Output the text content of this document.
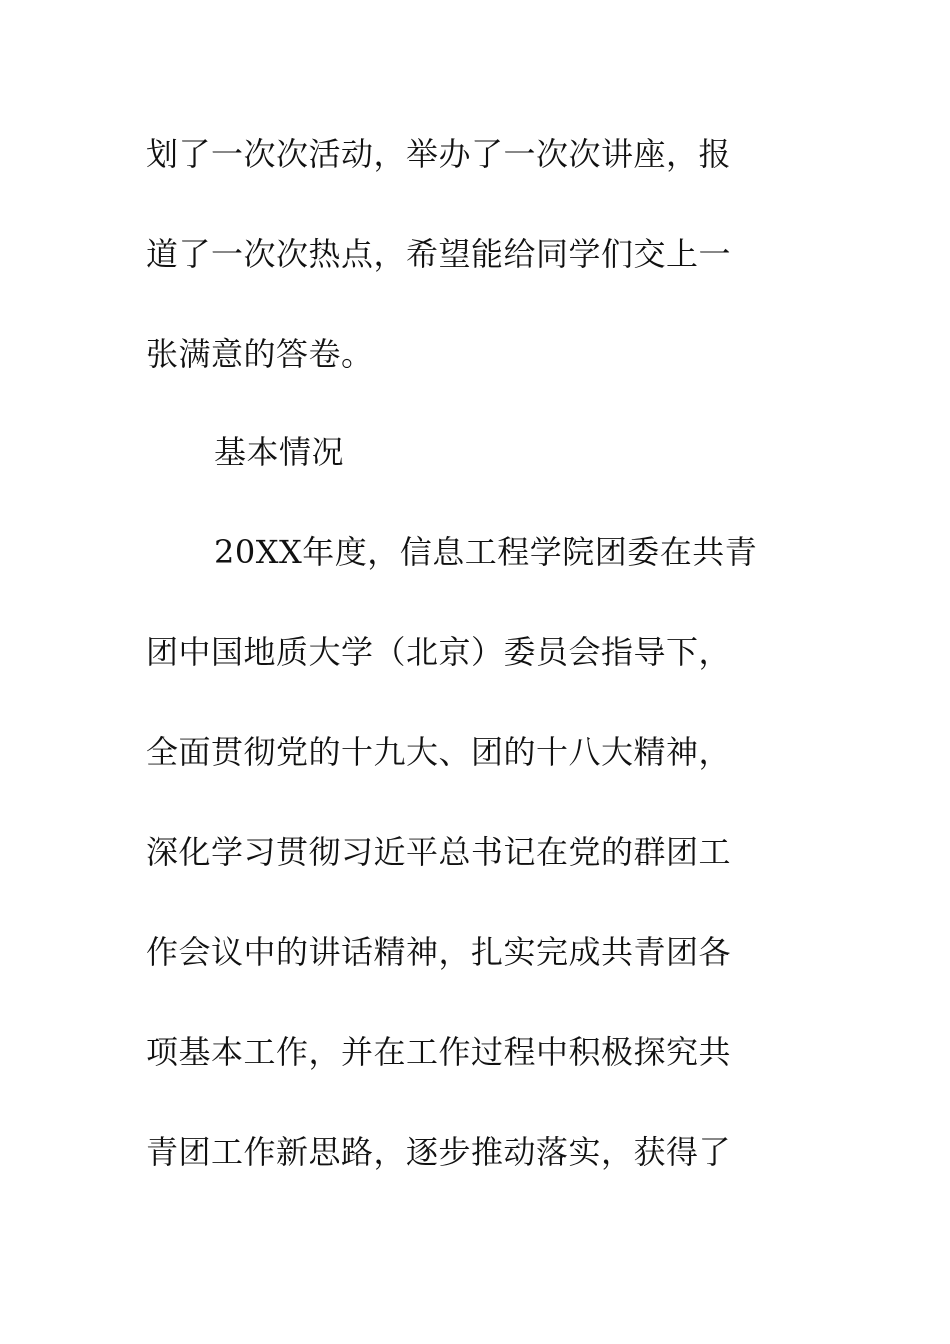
划了一次次活动，举办了一次次讲座，报
道了一次次热点，希望能给同学们交上一
张满意的答卷。
基本情况
20XX年度，信息工程学院团委在共青
团中国地质大学（北京）委员会指导下，
全面贯彻党的十九大、团的十八大精神，
深化学习贯彻习近平总书记在党的群团工
作会议中的讲话精神，扎实完成共青团各
项基本工作，并在工作过程中积极探究共
青团工作新思路，逐步推动落实，获得了
